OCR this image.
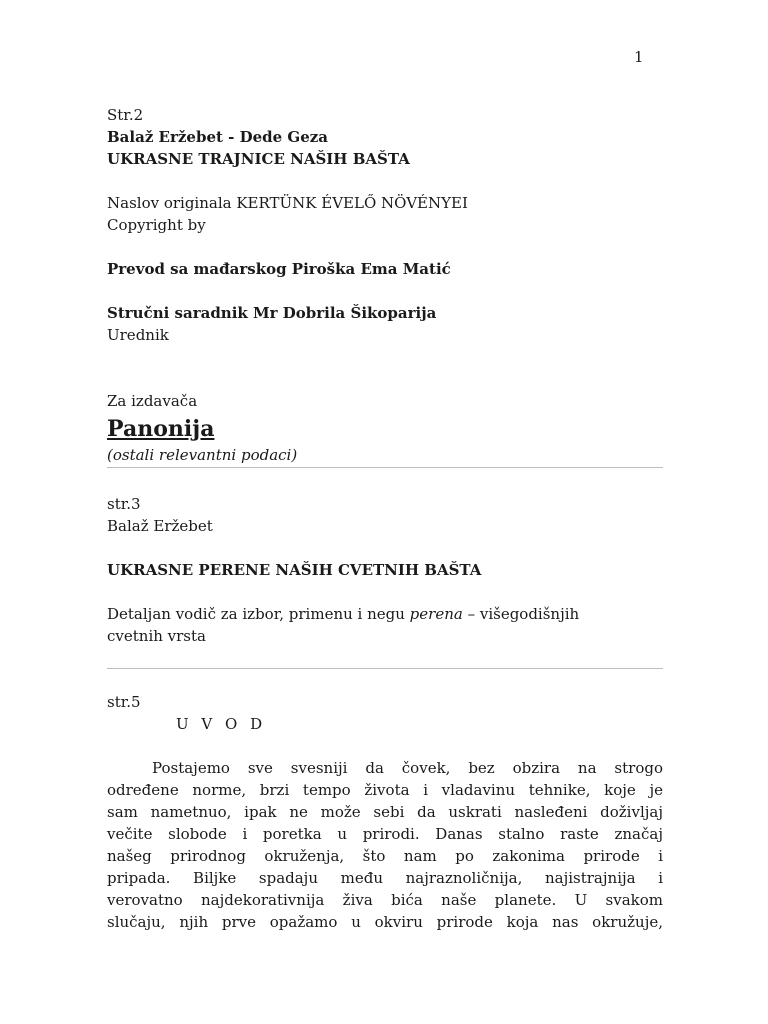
1
Str.2
Balaž Eržebet - Dede Geza
UKRASNE TRAJNICE NAŠIH BAŠTA
Naslov originala KERTÜNK ÉVELŐ NÖVÉNYEI
Copyright by
Prevod sa mađarskog Piroška Ema Matić
Stručni saradnik Mr Dobrila Šikoparija
Urednik
Za izdavača
Panonija
(ostali relevantni podaci)
str.3
Balaž Eržebet
UKRASNE PERENE NAŠIH CVETNIH BAŠTA
Detaljan vodič za izbor, primenu i negu perena – višegodišnjih
cvetnih vrsta
str.5
U V O D
Postajemo sve svesniji da čovek, bez obzira na strogo
određene norme, brzi tempo života i vladavinu tehnike, koje je
sam nametnuo, ipak ne može sebi da uskrati nasleđeni doživljaj
večite slobode i poretka u prirodi. Danas stalno raste značaj
našeg prirodnog okruženja, što nam po zakonima prirode i
pripada. Biljke spadaju među najraznoličnija, najistrajnija i
verovatno najdekorativnija živa bića naše planete. U svakom
slučaju, njih prve opažamo u okviru prirode koja nas okružuje,
